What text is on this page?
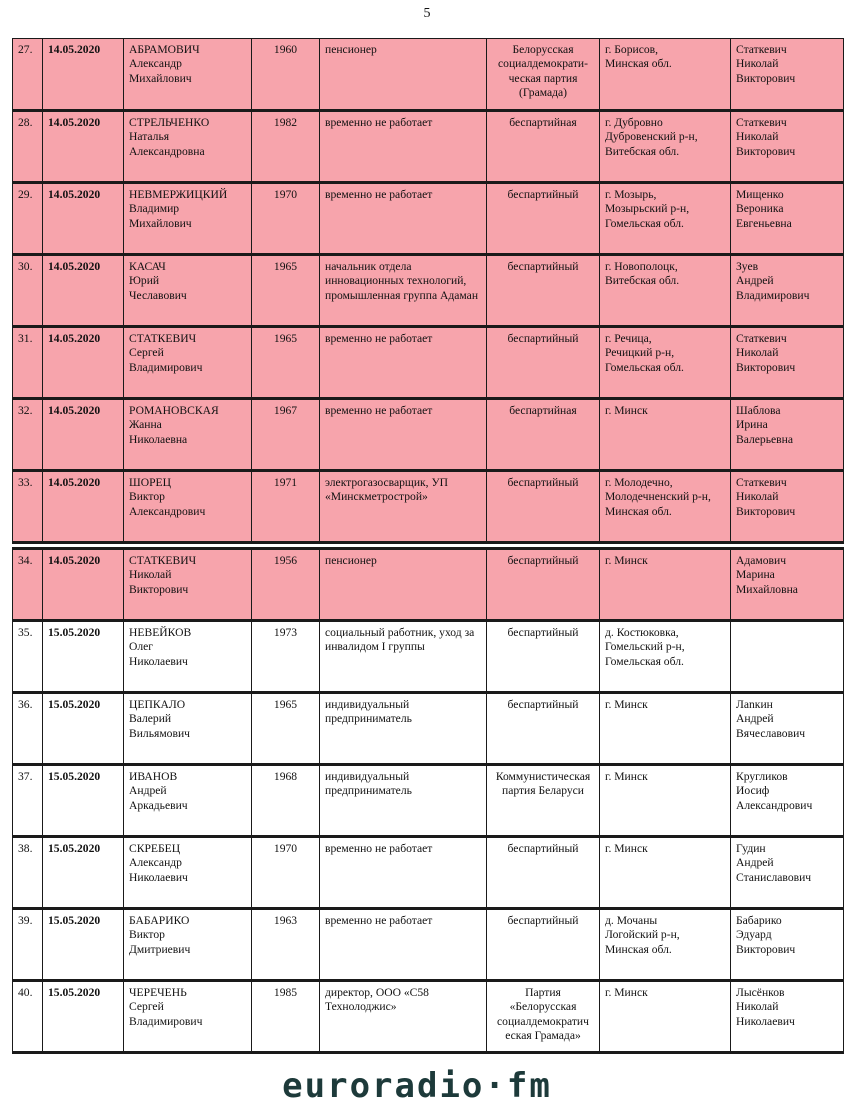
5
27.	14.05.2020	АБРАМОВИЧ
Александр
Михайлович	1960	пенсионер	Белорусская социалдемократи-ческая партия (Грамада)	г. Борисов,
Минская обл.	Статкевич
Николай
Викторович

28.	14.05.2020	СТРЕЛЬЧЕНКО
Наталья
Александровна	1982	временно не работает	беспартийная	г. Дубровно
Дубровенский р-н,
Витебская обл.	Статкевич
Николай
Викторович

29.	14.05.2020	НЕВМЕРЖИЦКИЙ
Владимир
Михайлович	1970	временно не работает	беспартийный	г. Мозырь,
Мозырьский р-н,
Гомельская обл.	Мищенко
Вероника
Евгеньевна

30.	14.05.2020	КАСАЧ
Юрий
Чеславович	1965	начальник отдела инновационных технологий, промышленная группа Адаман	беспартийный	г. Новополоцк,
Витебская обл.	Зуев
Андрей
Владимирович

31.	14.05.2020	СТАТКЕВИЧ
Сергей
Владимирович	1965	временно не работает	беспартийный	г. Речица,
Речицкий р-н,
Гомельская обл.	Статкевич
Николай
Викторович

32.	14.05.2020	РОМАНОВСКАЯ
Жанна
Николаевна	1967	временно не работает	беспартийная	г. Минск	Шаблова
Ирина
Валерьевна

33.	14.05.2020	ШОРЕЦ
Виктор
Александрович	1971	электрогазосварщик, УП «Минскметрострой»	беспартийный	г. Молодечно,
Молодечненский р-н,
Минская обл.	Статкевич
Николай
Викторович

34.	14.05.2020	СТАТКЕВИЧ
Николай
Викторович	1956	пенсионер	беспартийный	г. Минск	Адамович
Марина
Михайловна

35.	15.05.2020	НЕВЕЙКОВ
Олег
Николаевич	1973	социальный работник, уход за инвалидом I группы	беспартийный	д. Костюковка,
Гомельский р-н,
Гомельская обл.	

36.	15.05.2020	ЦЕПКАЛО
Валерий
Вильямович	1965	индивидуальный предприниматель	беспартийный	г. Минск	Лanкин
Андрей
Вячеславович

37.	15.05.2020	ИВАНОВ
Андрей
Аркадьевич	1968	индивидуальный предприниматель	Коммунистическая партия Беларуси	г. Минск	Кругликов
Иосиф
Александрович

38.	15.05.2020	СКРЕБЕЦ
Александр
Николаевич	1970	временно не работает	беспартийный	г. Минск	Гудин
Андрей
Станиславович

39.	15.05.2020	БАБАРИКО
Виктор
Дмитриевич	1963	временно не работает	беспартийный	д. Мочаны
Логойский р-н,
Минская обл.	Бабарико
Эдуард
Викторович

40.	15.05.2020	ЧЕРЕЧЕНЬ
Сергей
Владимирович	1985	директор, ООО «С58 Технолоджис»	Партия «Белорусская социалдемократич еская Грамада»	г. Минск	Лысёнков
Николай
Николаевич
euroradio·fm
